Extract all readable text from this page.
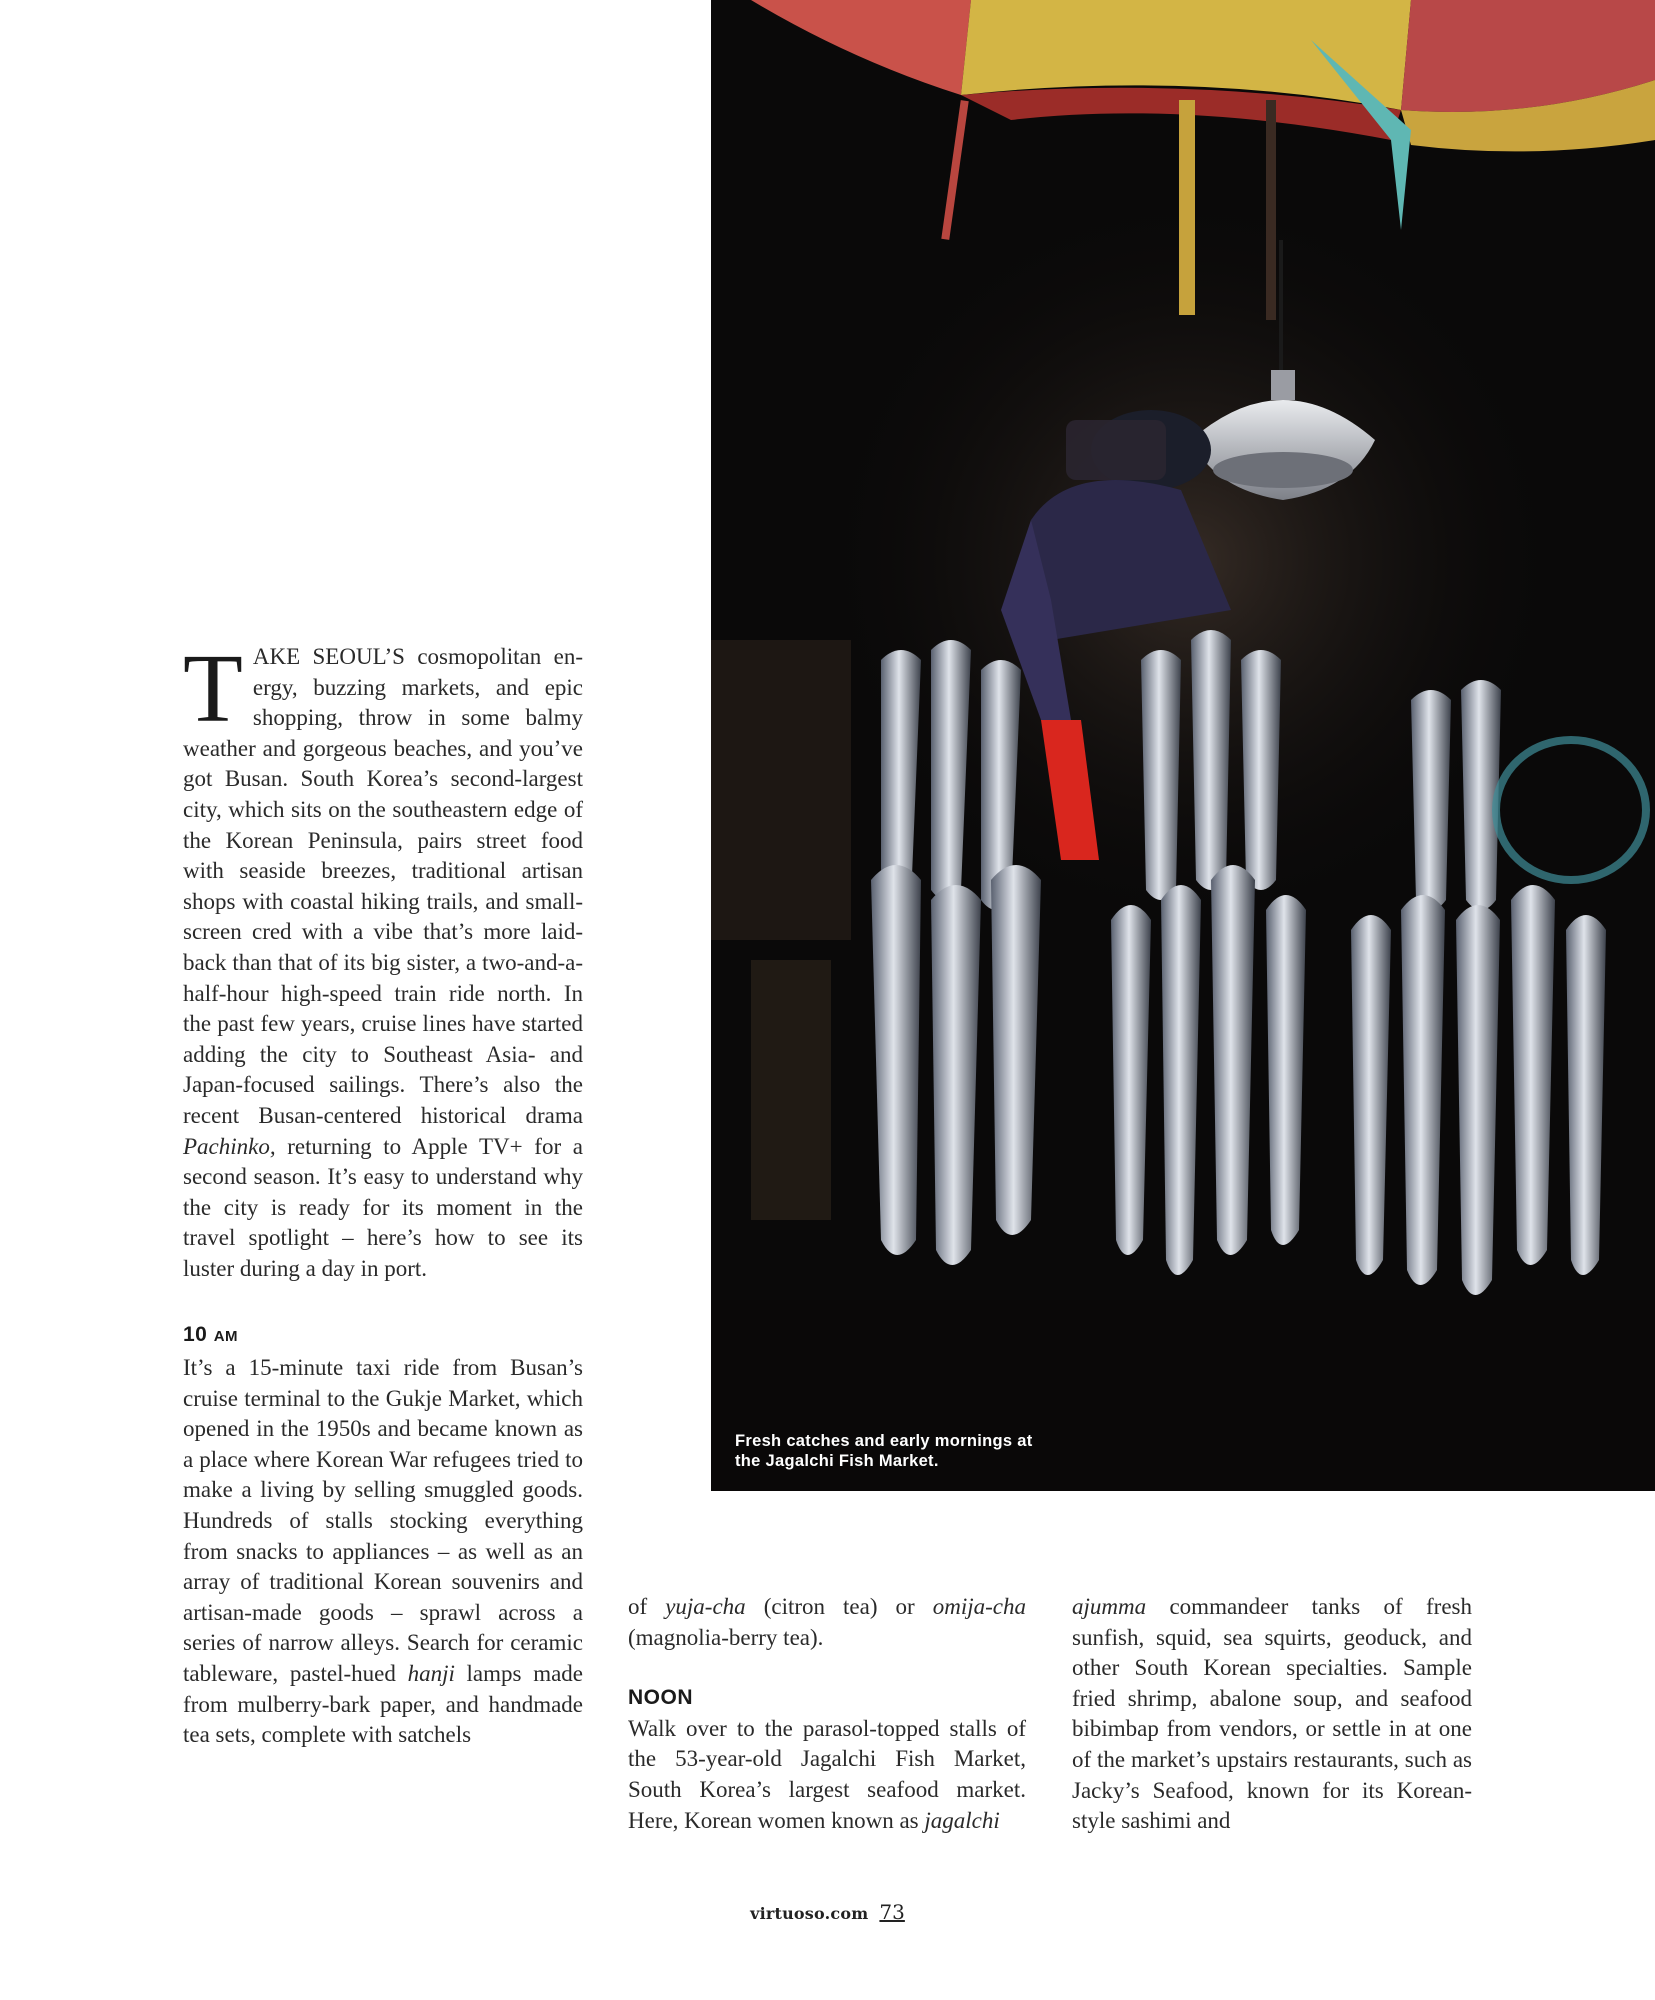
TAKE SEOUL’S cosmopolitan energy, buzzing markets, and epic shopping, throw in some balmy weather and gorgeous beaches, and you’ve got Busan. South Korea’s second-largest city, which sits on the southeastern edge of the Korean Peninsula, pairs street food with seaside breezes, traditional artisan shops with coastal hiking trails, and small-screen cred with a vibe that’s more laid-back than that of its big sister, a two-and-a-half-hour high-speed train ride north. In the past few years, cruise lines have started adding the city to Southeast Asia- and Japan-focused sailings. There’s also the recent Busan-centered historical drama Pachinko, returning to Apple TV+ for a second season. It’s easy to understand why the city is ready for its moment in the travel spotlight – here’s how to see its luster during a day in port.

10 AM

It’s a 15-minute taxi ride from Busan’s cruise terminal to the Gukje Market, which opened in the 1950s and became known as a place where Korean War refugees tried to make a living by selling smuggled goods. Hundreds of stalls stocking everything from snacks to appliances – as well as an array of traditional Korean souvenirs and artisan-made goods – sprawl across a series of narrow alleys. Search for ceramic tableware, pastel-hued hanji lamps made from mulberry-bark paper, and handmade tea sets, complete with satchels

of yuja-cha (citron tea) or omija-cha (magnolia-berry tea).

NOON

Walk over to the parasol-topped stalls of the 53-year-old Jagalchi Fish Market, South Korea’s largest seafood market. Here, Korean women known as jagalchi

ajumma commandeer tanks of fresh sunfish, squid, sea squirts, geoduck, and other South Korean specialties. Sample fried shrimp, abalone soup, and seafood bibimbap from vendors, or settle in at one of the market’s upstairs restaurants, such as Jacky’s Seafood, known for its Korean-style sashimi and

Fresh catches and early mornings at the Jagalchi Fish Market.
virtuoso.com 73
